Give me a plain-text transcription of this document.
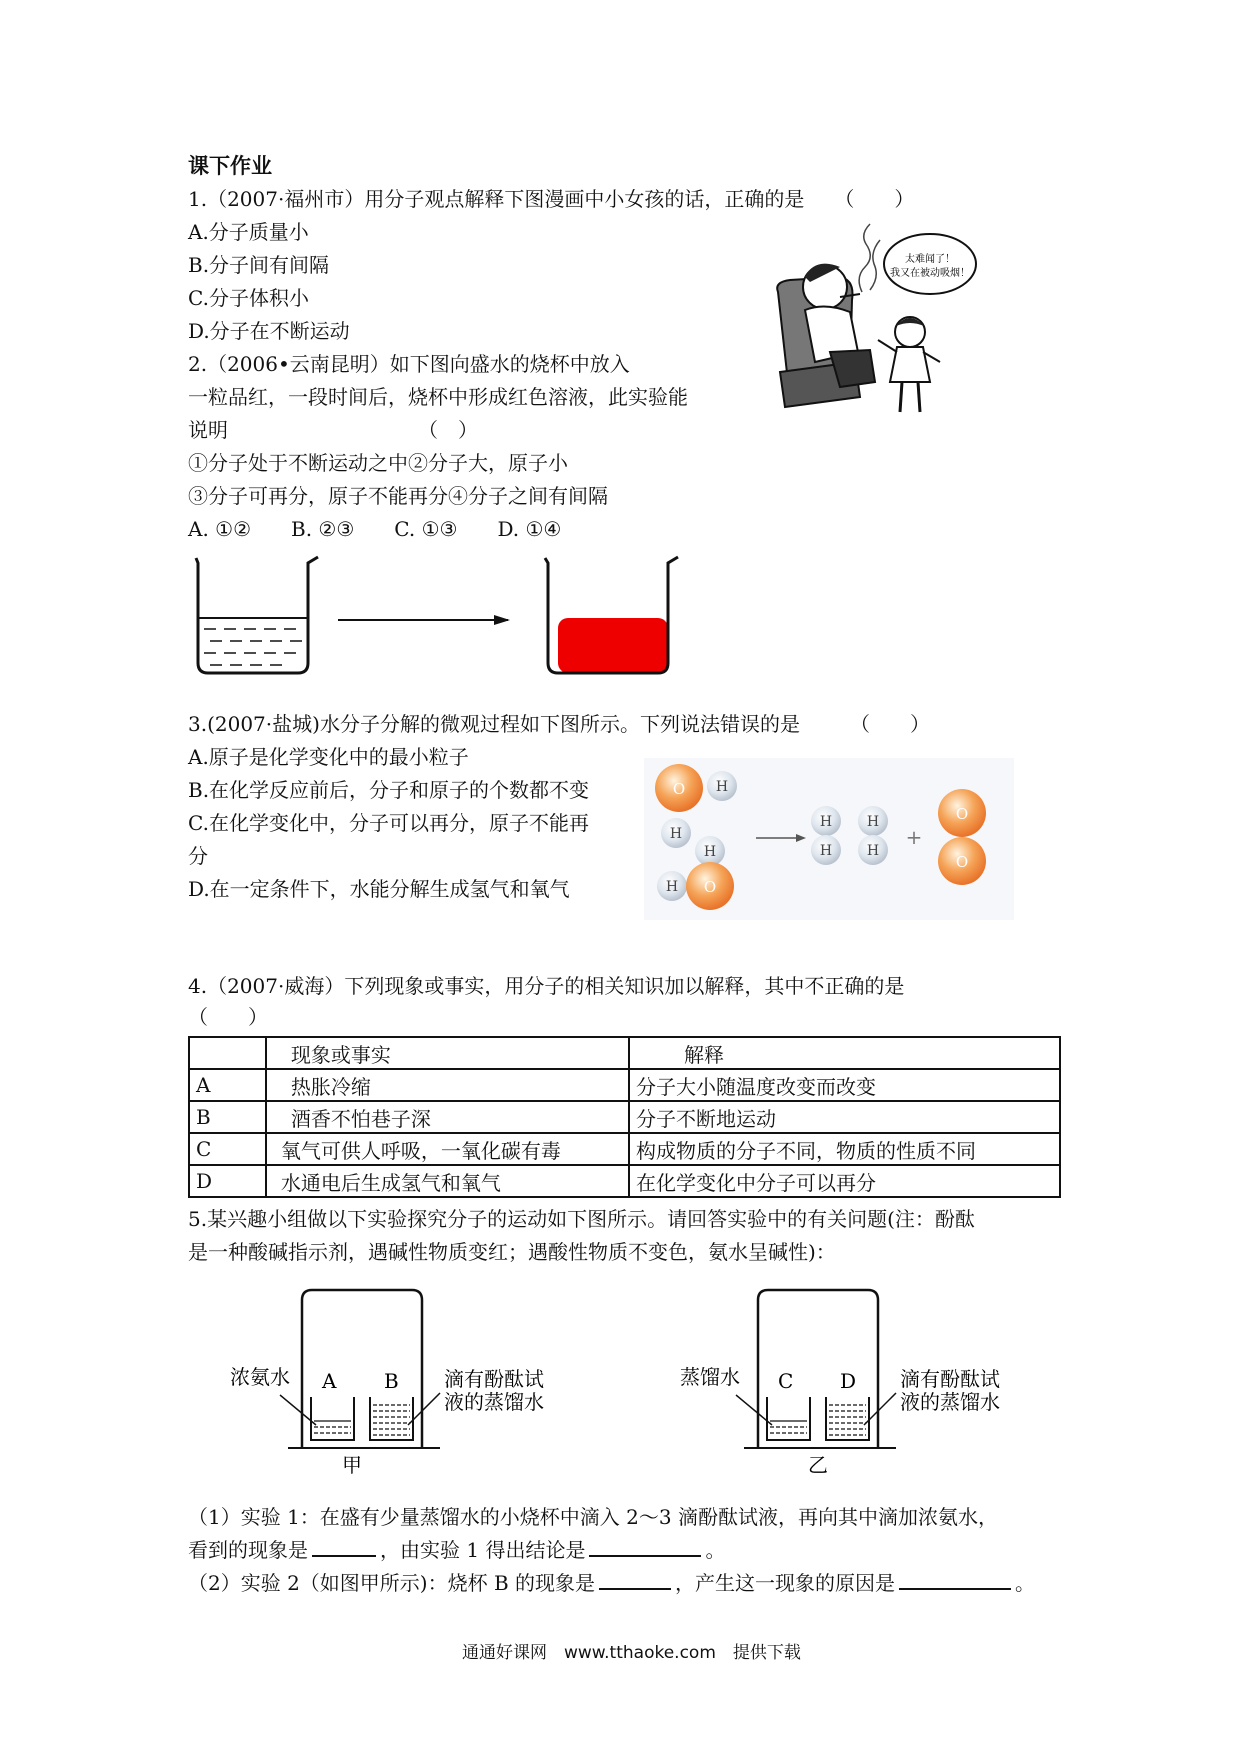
课下作业
1.（2007·福州市）用分子观点解释下图漫画中小女孩的话，正确的是　　（　　）
A.分子质量小
B.分子间有间隔
C.分子体积小
D.分子在不断运动
太难闻了！
我又在被动吸烟！
2.（2006•云南昆明）如下图向盛水的烧杯中放入
一粒品红，一段时间后，烧杯中形成红色溶液，此实验能
说明　　　　　　　　　　（　）
①分子处于不断运动之中②分子大，原子小
③分子可再分，原子不能再分④分子之间有间隔
A. ①②　　B. ②③　　C. ①③　　D. ①④
3.(2007·盐城)水分子分解的微观过程如下图所示。下列说法错误的是　　　（　　）
A.原子是化学变化中的最小粒子
B.在化学反应前后，分子和原子的个数都不变
C.在化学变化中，分子可以再分，原子不能再
分
D.在一定条件下，水能分解生成氢气和氧气
O H
H
H
H O
H
H
H
H
+
O
O
4.（2007·威海）下列现象或事实，用分子的相关知识加以解释，其中不正确的是
（　　）
	现象或事实	解释
A	热胀冷缩	分子大小随温度改变而改变
B	酒香不怕巷子深	分子不断地运动
C	氧气可供人呼吸，一氧化碳有毒	构成物质的分子不同，物质的性质不同
D	水通电后生成氢气和氧气	在化学变化中分子可以再分
5.某兴趣小组做以下实验探究分子的运动如下图所示。请回答实验中的有关问题(注：酚酞
是一种酸碱指示剂，遇碱性物质变红；遇酸性物质不变色，氨水呈碱性)：
浓氨水 A B 滴有酚酞试
液的蒸馏水
甲
蒸馏水 C D 滴有酚酞试
液的蒸馏水
乙
（1）实验 1：在盛有少量蒸馏水的小烧杯中滴入 2～3 滴酚酞试液，再向其中滴加浓氨水，
看到的现象是	，由实验 1 得出结论是	。
（2）实验 2（如图甲所示)：烧杯 B 的现象是	，产生这一现象的原因是	。
通通好课网　www.tthaoke.com　提供下载
